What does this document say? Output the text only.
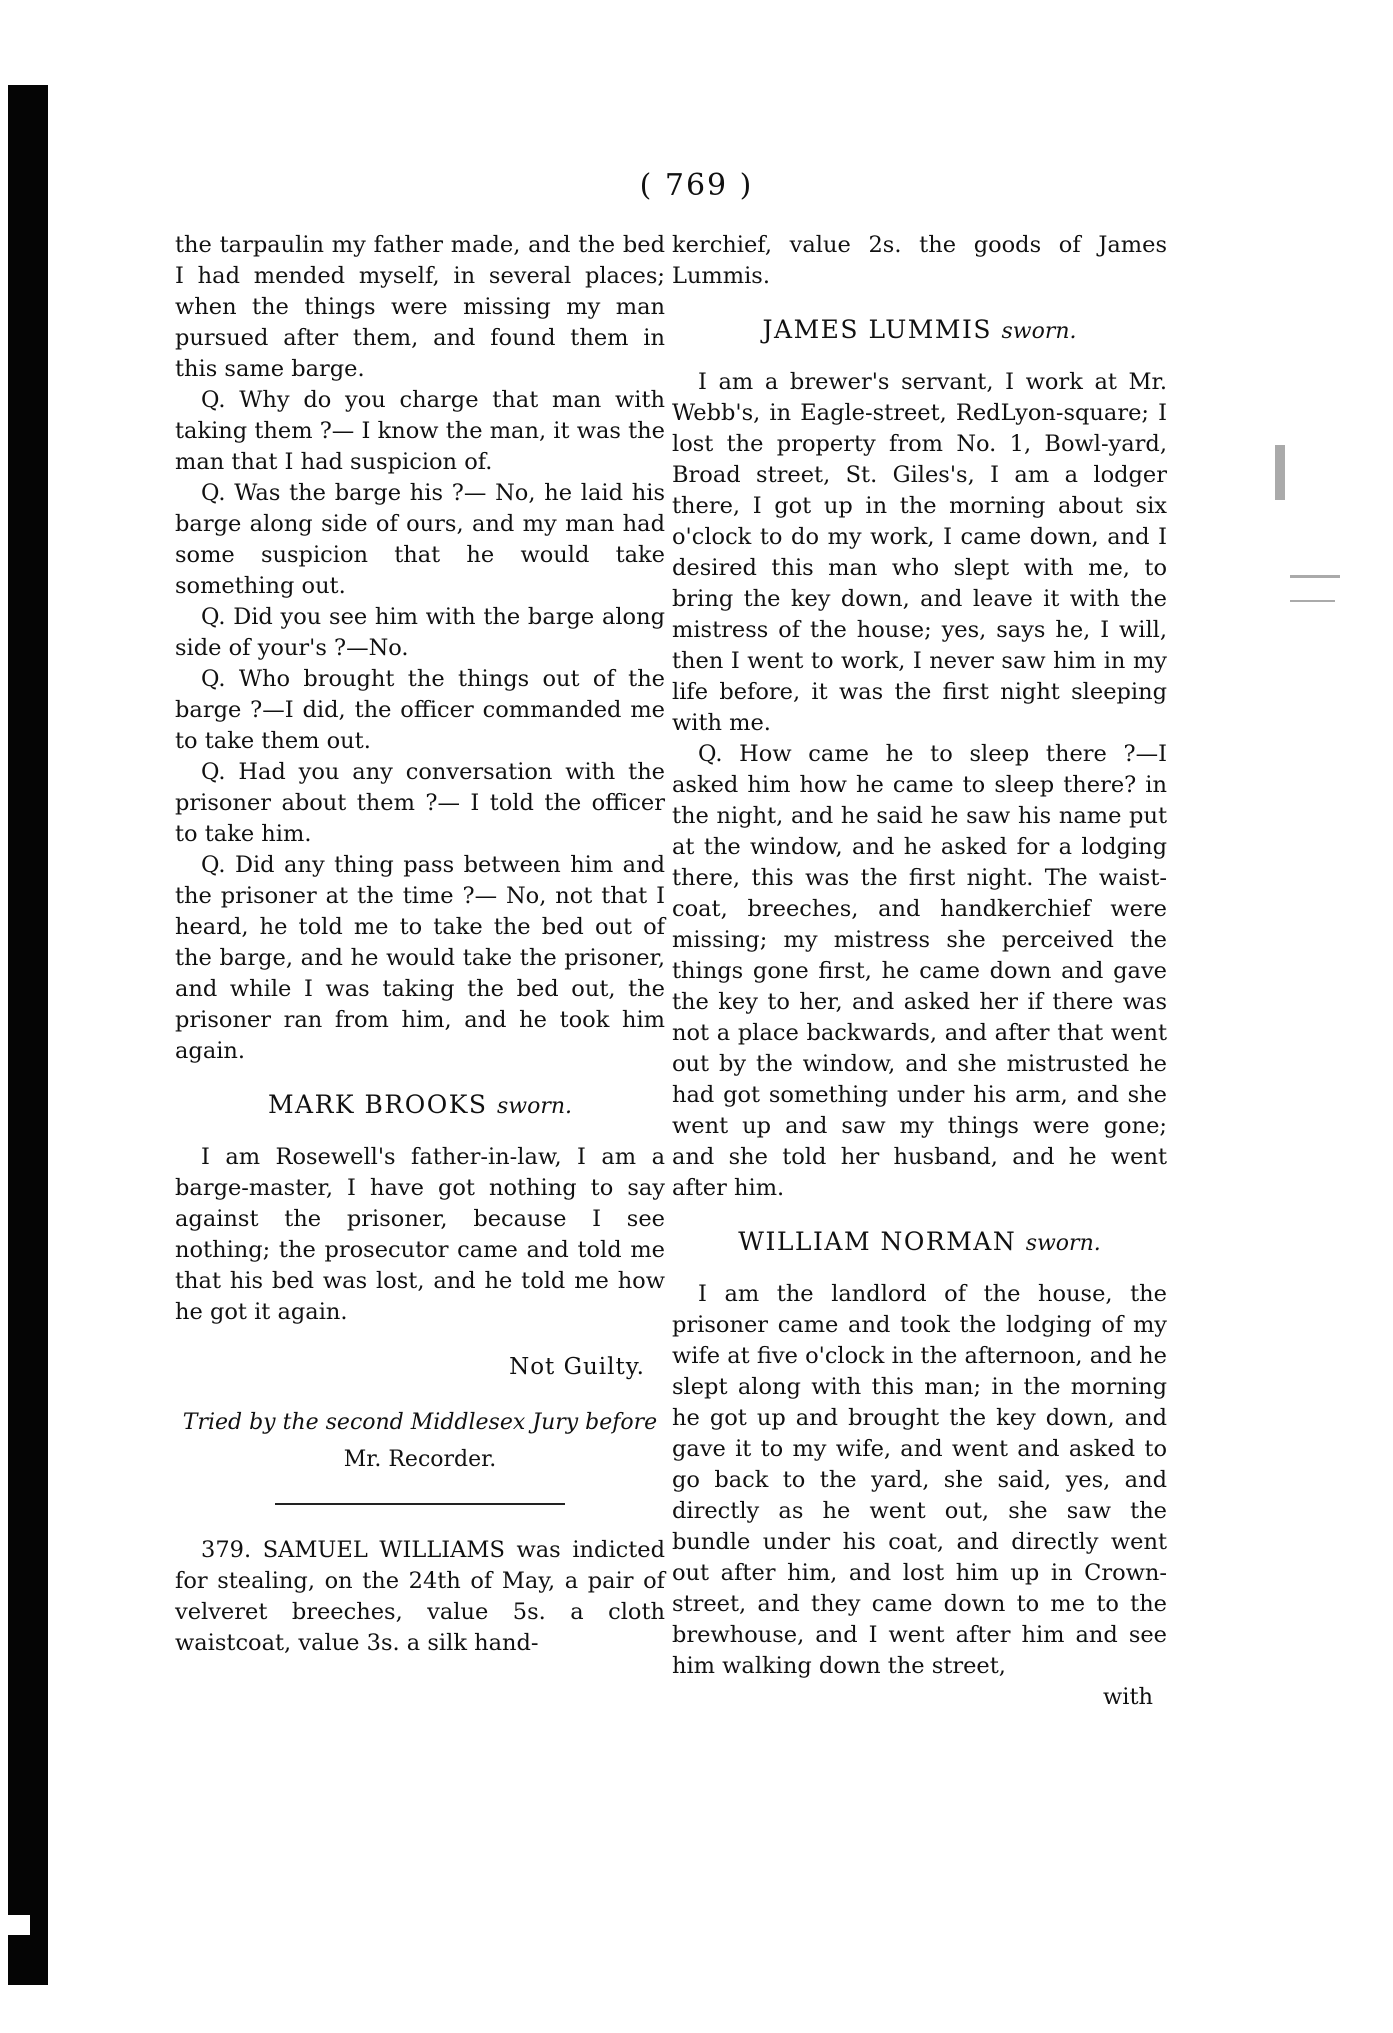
( 769 )

the tarpaulin my father made, and the bed I had mended myself, in several places; when the things were missing my man pursued after them, and found them in this same barge.

Q. Why do you charge that man with taking them ?— I know the man, it was the man that I had suspicion of.

Q. Was the barge his ?— No, he laid his barge along side of ours, and my man had some suspicion that he would take something out.

Q. Did you see him with the barge along side of your's ?—No.

Q. Who brought the things out of the barge ?—I did, the officer commanded me to take them out.

Q. Had you any conversation with the prisoner about them ?— I told the officer to take him.

Q. Did any thing pass between him and the prisoner at the time ?— No, not that I heard, he told me to take the bed out of the barge, and he would take the prisoner, and while I was taking the bed out, the prisoner ran from him, and he took him again.

MARK BROOKS sworn.

I am Rosewell's father-in-law, I am a barge-master, I have got nothing to say against the prisoner, because I see nothing; the prosecutor came and told me that his bed was lost, and he told me how he got it again.

Not Guilty.
Tried by the second Middlesex Jury before
Mr. Recorder.

379. SAMUEL WILLIAMS was indicted for stealing, on the 24th of May, a pair of velveret breeches, value 5s. a cloth waistcoat, value 3s. a silk hand-

kerchief, value 2s. the goods of James Lummis.

JAMES LUMMIS sworn.

I am a brewer's servant, I work at Mr. Webb's, in Eagle-street, RedLyon-square; I lost the property from No. 1, Bowl-yard, Broad street, St. Giles's, I am a lodger there, I got up in the morning about six o'clock to do my work, I came down, and I desired this man who slept with me, to bring the key down, and leave it with the mistress of the house; yes, says he, I will, then I went to work, I never saw him in my life before, it was the first night sleeping with me.

Q. How came he to sleep there ?—I asked him how he came to sleep there? in the night, and he said he saw his name put at the window, and he asked for a lodging there, this was the first night. The waist-coat, breeches, and handkerchief were missing; my mistress she perceived the things gone first, he came down and gave the key to her, and asked her if there was not a place backwards, and after that went out by the window, and she mistrusted he had got something under his arm, and she went up and saw my things were gone; and she told her husband, and he went after him.

WILLIAM NORMAN sworn.

I am the landlord of the house, the prisoner came and took the lodging of my wife at five o'clock in the afternoon, and he slept along with this man; in the morning he got up and brought the key down, and gave it to my wife, and went and asked to go back to the yard, she said, yes, and directly as he went out, she saw the bundle under his coat, and directly went out after him, and lost him up in Crown-street, and they came down to me to the brewhouse, and I went after him and see him walking down the street,

with
